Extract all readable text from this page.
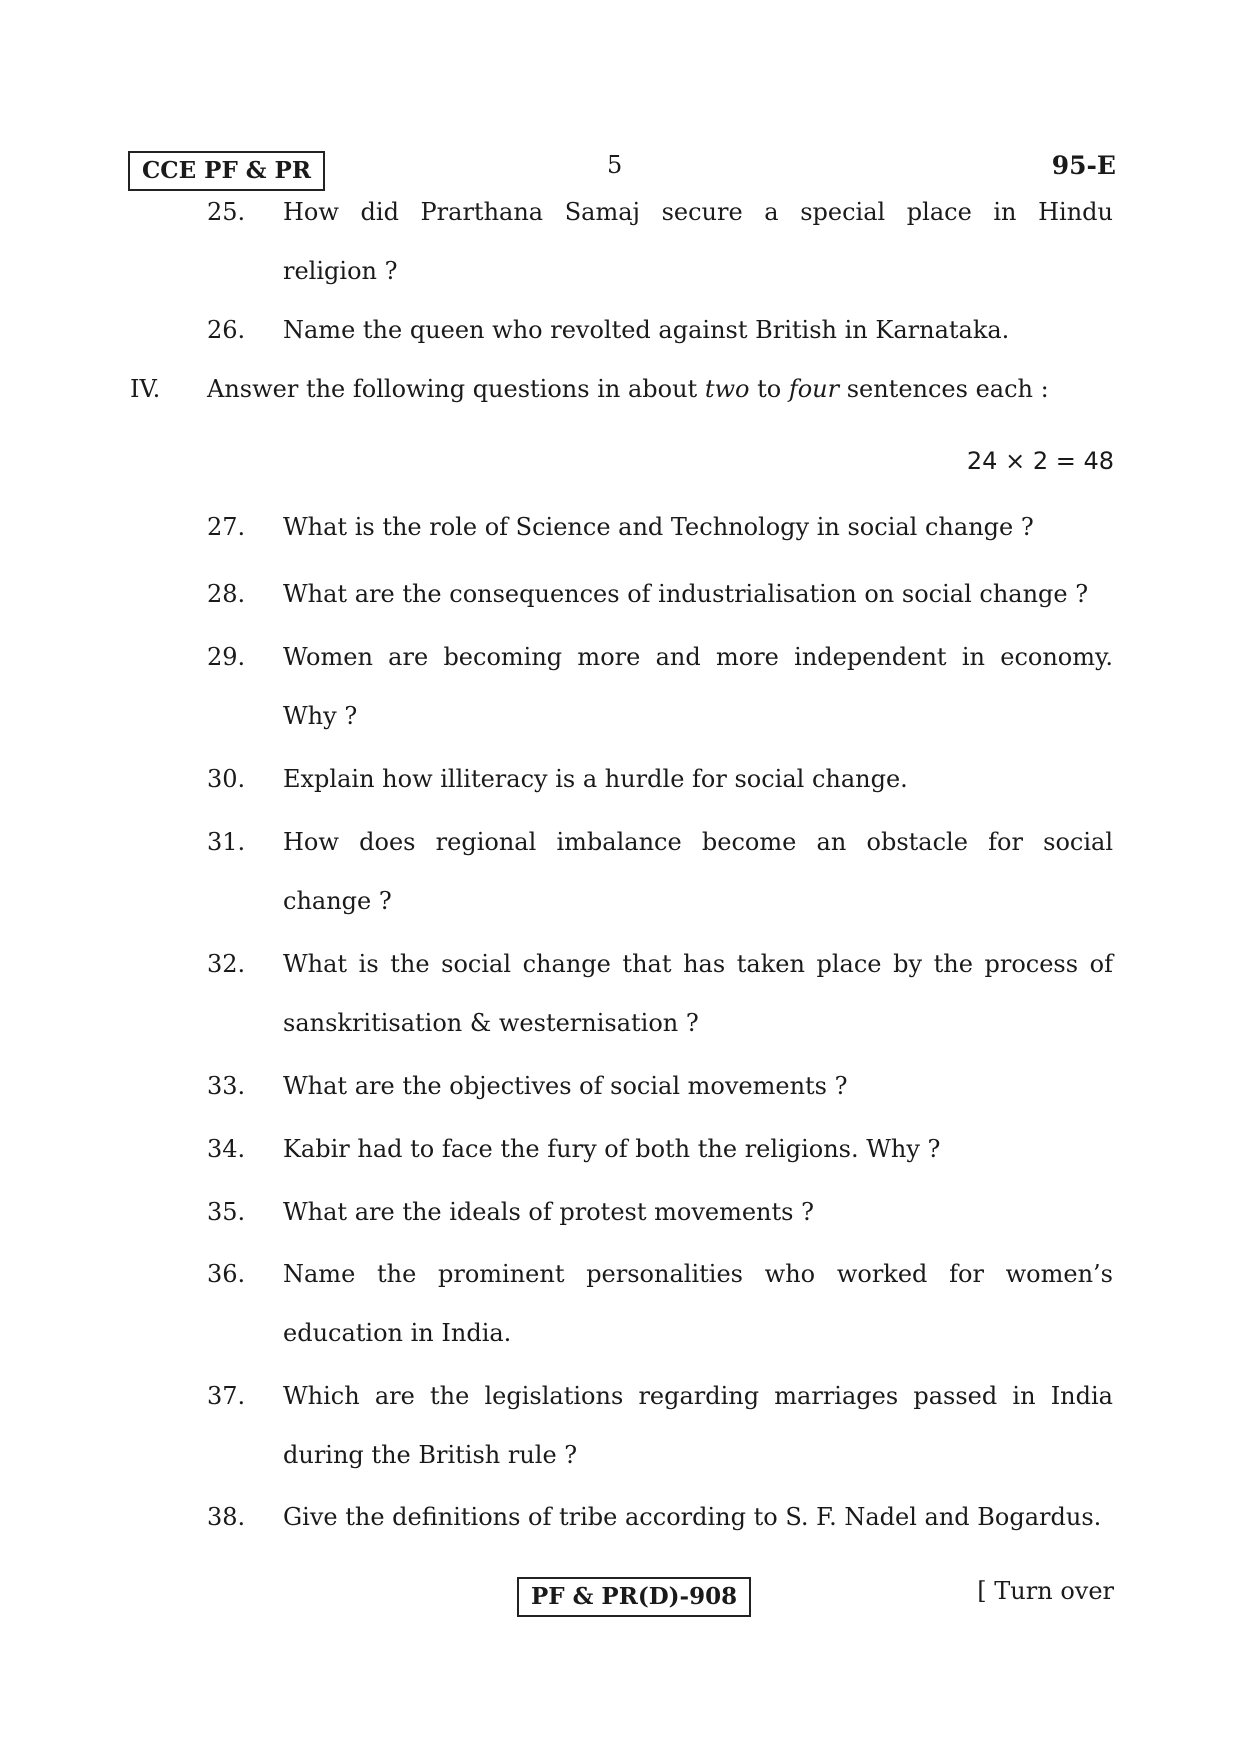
CCE PF & PR	5	95-E
25. How did Prarthana Samaj secure a special place in Hindu
religion ?
26. Name the queen who revolted against British in Karnataka.
IV. Answer the following questions in about two to four sentences each :
24 × 2 = 48
27. What is the role of Science and Technology in social change ?
28. What are the consequences of industrialisation on social change ?
29. Women are becoming more and more independent in economy.
Why ?
30. Explain how illiteracy is a hurdle for social change.
31. How does regional imbalance become an obstacle for social
change ?
32. What is the social change that has taken place by the process of
sanskritisation & westernisation ?
33. What are the objectives of social movements ?
34. Kabir had to face the fury of both the religions. Why ?
35. What are the ideals of protest movements ?
36. Name the prominent personalities who worked for women’s
education in India.
37. Which are the legislations regarding marriages passed in India
during the British rule ?
38. Give the definitions of tribe according to S. F. Nadel and Bogardus.
PF & PR(D)-908	[ Turn over
